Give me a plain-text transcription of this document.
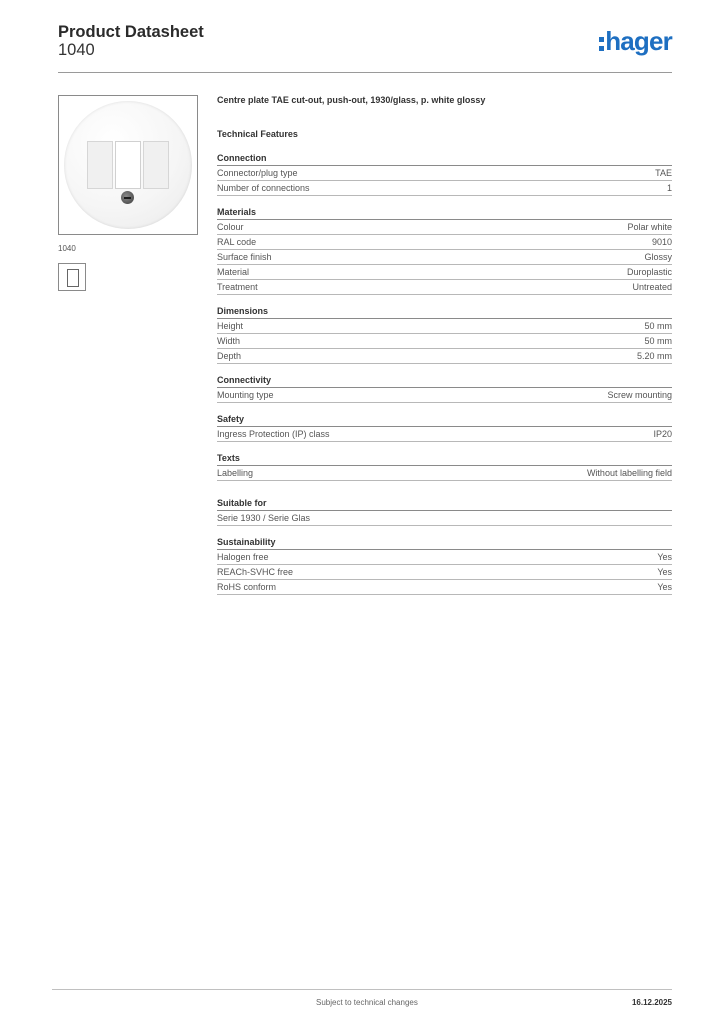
Product Datasheet
1040	hager
1040
Centre plate TAE cut-out, push-out, 1930/glass, p. white glossy
Technical Features
Connection
Connector/plug type	TAE
Number of connections	1
Materials
Colour	Polar white
RAL code	9010
Surface finish	Glossy
Material	Duroplastic
Treatment	Untreated
Dimensions
Height	50 mm
Width	50 mm
Depth	5.20 mm
Connectivity
Mounting type	Screw mounting
Safety
Ingress Protection (IP) class	IP20
Texts
Labelling	Without labelling field
Suitable for
Serie 1930 / Serie Glas
Sustainability
Halogen free	Yes
REACh-SVHC free	Yes
RoHS conform	Yes
Subject to technical changes	16.12.2025
